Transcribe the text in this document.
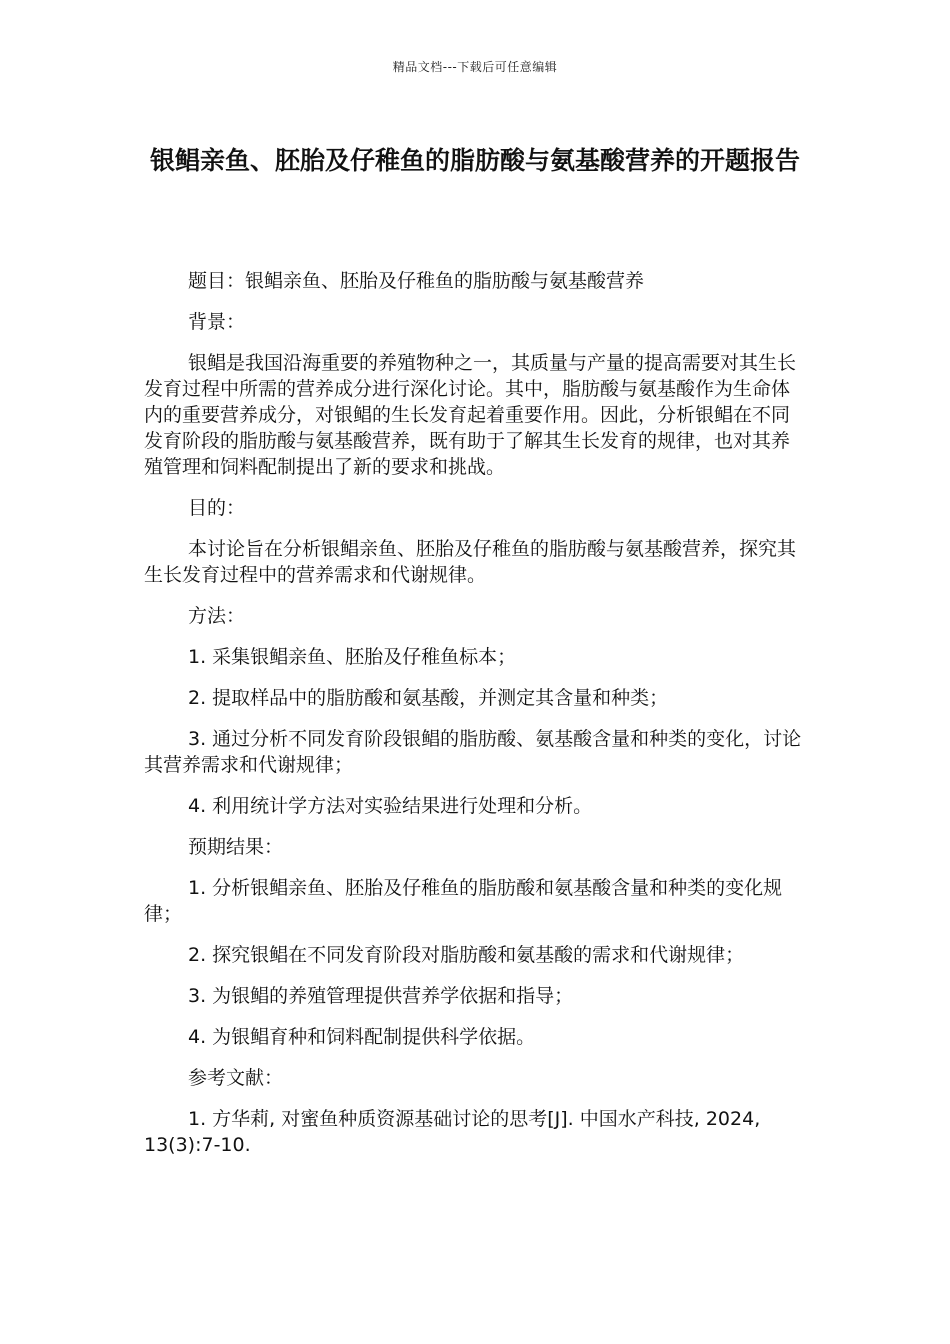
精品文档---下载后可任意编辑
银鲳亲鱼、胚胎及仔稚鱼的脂肪酸与氨基酸营养的开题报告

题目：银鲳亲鱼、胚胎及仔稚鱼的脂肪酸与氨基酸营养

背景：

银鲳是我国沿海重要的养殖物种之一，其质量与产量的提高需要对其生长发育过程中所需的营养成分进行深化讨论。其中，脂肪酸与氨基酸作为生命体内的重要营养成分，对银鲳的生长发育起着重要作用。因此，分析银鲳在不同发育阶段的脂肪酸与氨基酸营养，既有助于了解其生长发育的规律，也对其养殖管理和饲料配制提出了新的要求和挑战。

目的：

本讨论旨在分析银鲳亲鱼、胚胎及仔稚鱼的脂肪酸与氨基酸营养，探究其生长发育过程中的营养需求和代谢规律。

方法：

1. 采集银鲳亲鱼、胚胎及仔稚鱼标本；

2. 提取样品中的脂肪酸和氨基酸，并测定其含量和种类；

3. 通过分析不同发育阶段银鲳的脂肪酸、氨基酸含量和种类的变化，讨论其营养需求和代谢规律；

4. 利用统计学方法对实验结果进行处理和分析。

预期结果：

1. 分析银鲳亲鱼、胚胎及仔稚鱼的脂肪酸和氨基酸含量和种类的变化规律；

2. 探究银鲳在不同发育阶段对脂肪酸和氨基酸的需求和代谢规律；

3. 为银鲳的养殖管理提供营养学依据和指导；

4. 为银鲳育种和饲料配制提供科学依据。

参考文献：

1. 方华莉, 对蜜鱼种质资源基础讨论的思考[J]. 中国水产科技, 2024, 13(3):7-10.
